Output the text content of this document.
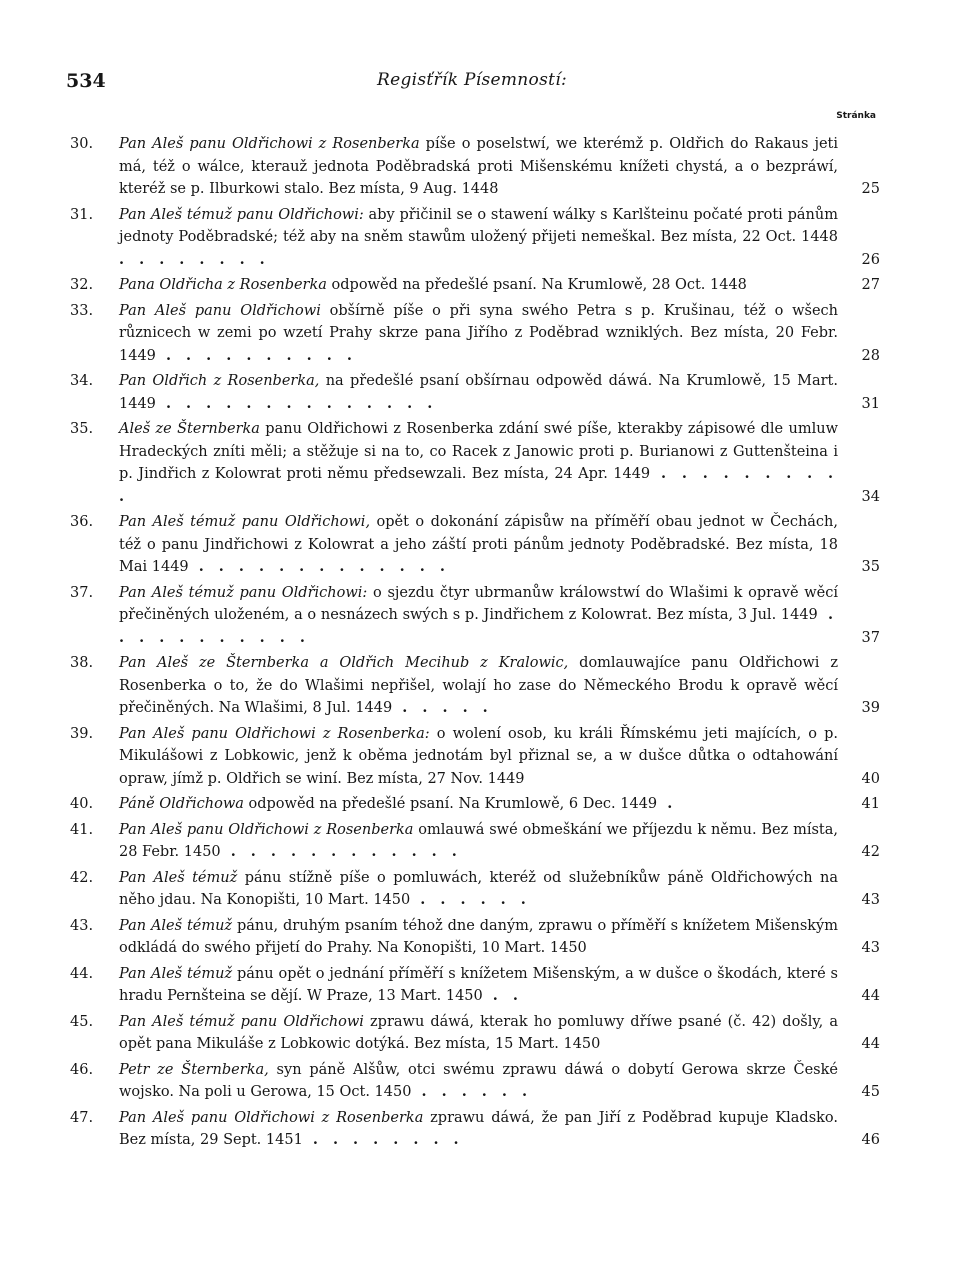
534	Regisťřík Písemností:
Stránka
30.	Pan Aleš panu Oldřichowi z Rosenberka píše o poselstwí, we kterémž p. Oldřich do Rakaus jeti má, též o wálce, kterauž jednota Poděbradská proti Mišenskému knížeti chystá, a o bezpráwí, kteréž se p. Ilburkowi stalo. Bez místa, 9 Aug. 1448	25
31.	Pan Aleš témuž panu Oldřichowi: aby přičinil se o stawení wálky s Karlšteinu počaté proti pánům jednoty Poděbradské; též aby na sněm stawům uložený přijeti nemeškal. Bez místa, 22 Oct. 1448 . . . . . . . .	26
32.	Pana Oldřicha z Rosenberka odpowěd na předešlé psaní. Na Krumlowě, 28 Oct. 1448	27
33.	Pan Aleš panu Oldřichowi obšírně píše o při syna swého Petra s p. Krušinau, též o wšech různicech w zemi po wzetí Prahy skrze pana Jiřího z Poděbrad wzniklých. Bez místa, 20 Febr. 1449 . . . . . . . . . .	28
34.	Pan Oldřich z Rosenberka, na předešlé psaní obšírnau odpowěd dáwá. Na Krumlowě, 15 Mart. 1449 . . . . . . . . . . . . . .	31
35.	Aleš ze Šternberka panu Oldřichowi z Rosenberka zdání swé píše, kterakby zápisowé dle umluw Hradeckých zníti měli; a stěžuje si na to, co Racek z Janowic proti p. Burianowi z Guttenšteina i p. Jindřich z Kolowrat proti němu předsewzali. Bez místa, 24 Apr. 1449 . . . . . . . . . .	34
36.	Pan Aleš témuž panu Oldřichowi, opět o dokonání zápisůw na příměří obau jednot w Čechách, též o panu Jindřichowi z Kolowrat a jeho záští proti pánům jednoty Poděbradské. Bez místa, 18 Mai 1449 . . . . . . . . . . . . .	35
37.	Pan Aleš témuž panu Oldřichowi: o sjezdu čtyr ubrmanůw králowstwí do Wlašimi k opravě wěcí přečiněných uloženém, a o nesnázech swých s p. Jindřichem z Kolowrat. Bez místa, 3 Jul. 1449 . . . . . . . . . . .	37
38.	Pan Aleš ze Šternberka a Oldřich Mecihub z Kralowic, domlauwajíce panu Oldřichowi z Rosenberka o to, že do Wlašimi nepřišel, wolají ho zase do Německého Brodu k opravě wěcí přečiněných. Na Wlašimi, 8 Jul. 1449 . . . . .	39
39.	Pan Aleš panu Oldřichowi z Rosenberka: o wolení osob, ku králi Římskému jeti majících, o p. Mikulášowi z Lobkowic, jenž k oběma jednotám byl přiznal se, a w dušce důtka o odtahowání opraw, jímž p. Oldřich se winí. Bez místa, 27 Nov. 1449	40
40.	Páně Oldřichowa odpowěd na předešlé psaní. Na Krumlowě, 6 Dec. 1449 .	41
41.	Pan Aleš panu Oldřichowi z Rosenberka omlauwá swé obmeškání we příjezdu k němu. Bez místa, 28 Febr. 1450 . . . . . . . . . . . .	42
42.	Pan Aleš témuž pánu stížně píše o pomluwách, kteréž od služebníkůw páně Oldřichowých na něho jdau. Na Konopišti, 10 Mart. 1450 . . . . . .	43
43.	Pan Aleš témuž pánu, druhým psaním téhož dne daným, zprawu o příměří s knížetem Mišenským odkládá do swého přijetí do Prahy. Na Konopišti, 10 Mart. 1450	43
44.	Pan Aleš témuž pánu opět o jednání příměří s knížetem Mišenským, a w dušce o škodách, které s hradu Pernšteina se dějí. W Praze, 13 Mart. 1450 . .	44
45.	Pan Aleš témuž panu Oldřichowi zprawu dáwá, kterak ho pomluwy dříwe psané (č. 42) došly, a opět pana Mikuláše z Lobkowic dotýká. Bez místa, 15 Mart. 1450	44
46.	Petr ze Šternberka, syn páně Alšůw, otci swému zprawu dáwá o dobytí Gerowa skrze České wojsko. Na poli u Gerowa, 15 Oct. 1450 . . . . . .	45
47.	Pan Aleš panu Oldřichowi z Rosenberka zprawu dáwá, že pan Jiří z Poděbrad kupuje Kladsko. Bez místa, 29 Sept. 1451 . . . . . . . .	46
